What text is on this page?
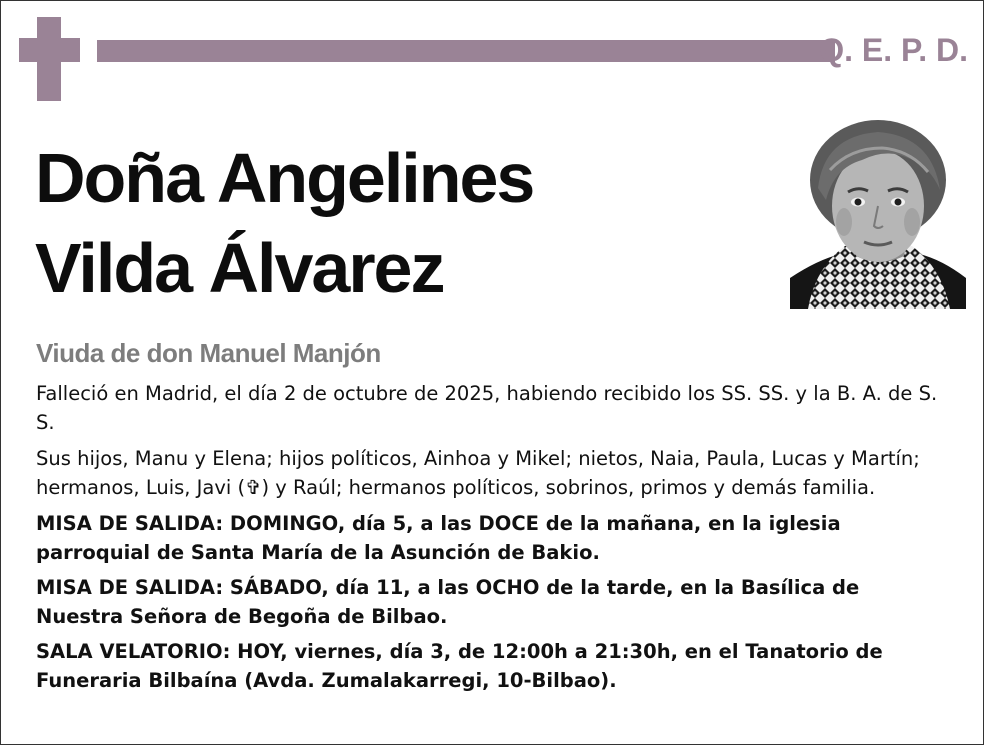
Q. E. P. D.
Doña Angelines
Vilda Álvarez
Viuda de don Manuel Manjón

Falleció en Madrid, el día 2 de octubre de 2025, habiendo recibido los SS. SS. y la B. A. de S. S.

Sus hijos, Manu y Elena; hijos políticos, Ainhoa y Mikel; nietos, Naia, Paula, Lucas y Martín; hermanos, Luis, Javi (✞) y Raúl; hermanos políticos, sobrinos, primos y demás familia.

MISA DE SALIDA: DOMINGO, día 5, a las DOCE de la mañana, en la iglesia parroquial de Santa María de la Asunción de Bakio.

MISA DE SALIDA: SÁBADO, día 11, a las OCHO de la tarde, en la Basílica de Nuestra Señora de Begoña de Bilbao.

SALA VELATORIO: HOY, viernes, día 3, de 12:00h a 21:30h, en el Tanatorio de Funeraria Bilbaína (Avda. Zumalakarregi, 10-Bilbao).
